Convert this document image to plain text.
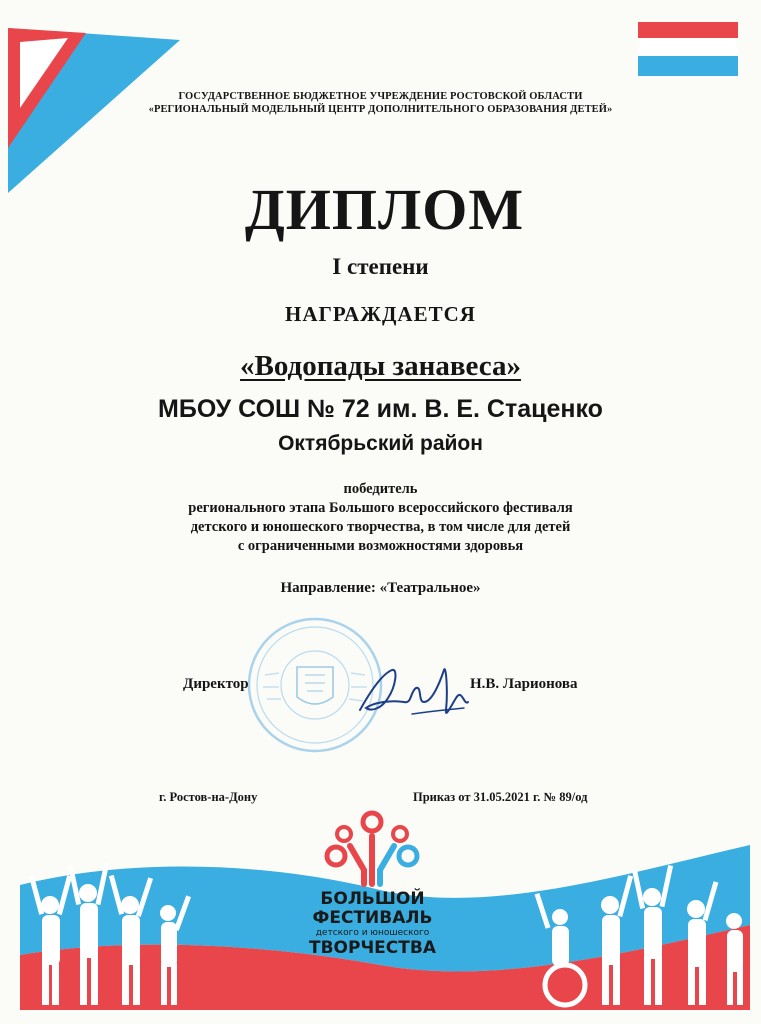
ГОСУДАРСТВЕННОЕ БЮДЖЕТНОЕ УЧРЕЖДЕНИЕ РОСТОВСКОЙ ОБЛАСТИ
«РЕГИОНАЛЬНЫЙ МОДЕЛЬНЫЙ ЦЕНТР ДОПОЛНИТЕЛЬНОГО ОБРАЗОВАНИЯ ДЕТЕЙ»
ДИПЛОМ
I степени
НАГРАЖДАЕТСЯ
«Водопады занавеса»
МБОУ СОШ № 72 им. В. Е. Стаценко
Октябрьский район
победитель
регионального этапа Большого всероссийского фестиваля
детского и юношеского творчества, в том числе для детей
с ограниченными возможностями здоровья
Направление: «Театральное»
Директор	Н.В. Ларионова
г. Ростов-на-Дону	Приказ от 31.05.2021 г. № 89/од
БОЛЬШОЙ
ФЕСТИВАЛЬ
детского и юношеского
ТВОРЧЕСТВА
